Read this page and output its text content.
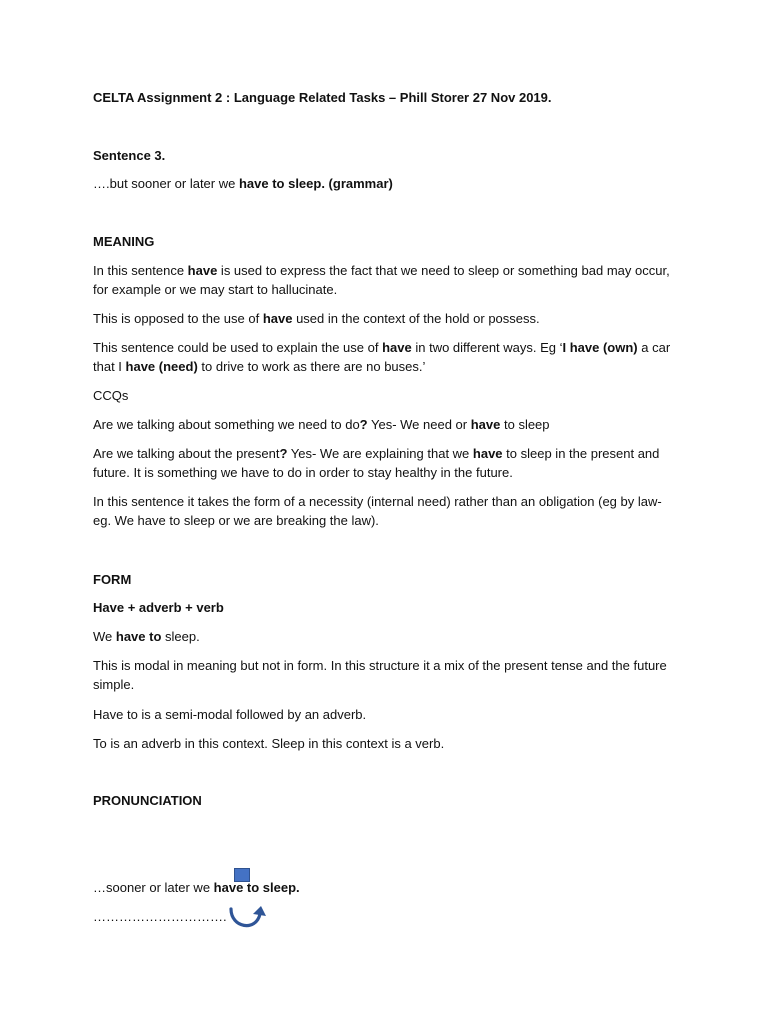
CELTA Assignment 2 : Language Related Tasks – Phill Storer 27 Nov 2019.
Sentence 3.
….but sooner or later we have to sleep. (grammar)
MEANING
In this sentence have is used to express the fact that we need to sleep or something bad may occur, for example or we may start to hallucinate.
This is opposed to the use of have used in the context of the hold or possess.
This sentence could be used to explain the use of have in two different ways. Eg ‘I have (own) a car that I have (need) to drive to work as there are no buses.’
CCQs
Are we talking about something we need to do? Yes- We need or have to sleep
Are we talking about the present? Yes- We are explaining that we have to sleep in the present and future. It is something we have to do in order to stay healthy in the future.
In this sentence it takes the form of a necessity (internal need) rather than an obligation (eg by law- eg. We have to sleep or we are breaking the law).
FORM
Have + adverb + verb
We have to sleep.
This is modal in meaning but not in form. In this structure it a mix of the present tense and the future simple.
Have to is a semi-modal followed by an adverb.
To is an adverb in this context. Sleep in this context is a verb.
PRONUNCIATION
…sooner or later we have to sleep.
………………………….
